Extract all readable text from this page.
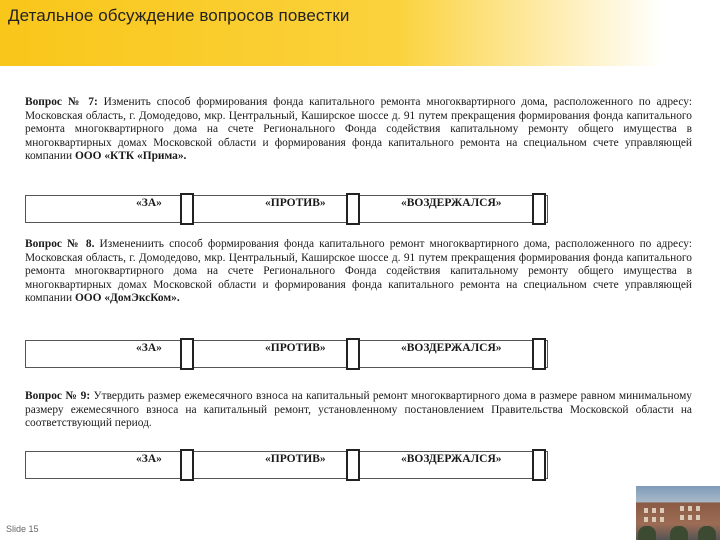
Детальное обсуждение вопросов повестки
Вопрос № 7: Изменить способ формирования фонда капитального ремонта многоквартирного дома, расположенного по адресу: Московская область, г. Домодедово, мкр. Центральный, Каширское шоссе д. 91 путем прекращения формирования фонда капитального ремонта многоквартирного дома на счете Регионального Фонда содействия капитальному ремонту общего имущества в многоквартирных домах Московской области и формирования фонда капитального ремонта на специальном счете управляющей компании ООО «КТК «Прима».
«ЗА»	«ПРОТИВ»	«ВОЗДЕРЖАЛСЯ»
Вопрос № 8. Изменениить способ формирования фонда капитального ремонт многоквартирного дома, расположенного по адресу: Московская область, г. Домодедово, мкр. Центральный, Каширское шоссе д. 91 путем прекращения формирования фонда капитального ремонта многоквартирного дома на счете Регионального Фонда содействия капитальному ремонту общего имущества в многоквартирных домах Московской области и формирования фонда капитального ремонта на специальном счете управляющей компании ООО «ДомЭксКом».
«ЗА»	«ПРОТИВ»	«ВОЗДЕРЖАЛСЯ»
Вопрос № 9: Утвердить размер ежемесячного взноса на капитальный ремонт многоквартирного дома в размере равном минимальному размеру ежемесячного взноса на капитальный ремонт, установленному постановлением Правительства Московской области на соответствующий период.
«ЗА»	«ПРОТИВ»	«ВОЗДЕРЖАЛСЯ»
Slide 15
